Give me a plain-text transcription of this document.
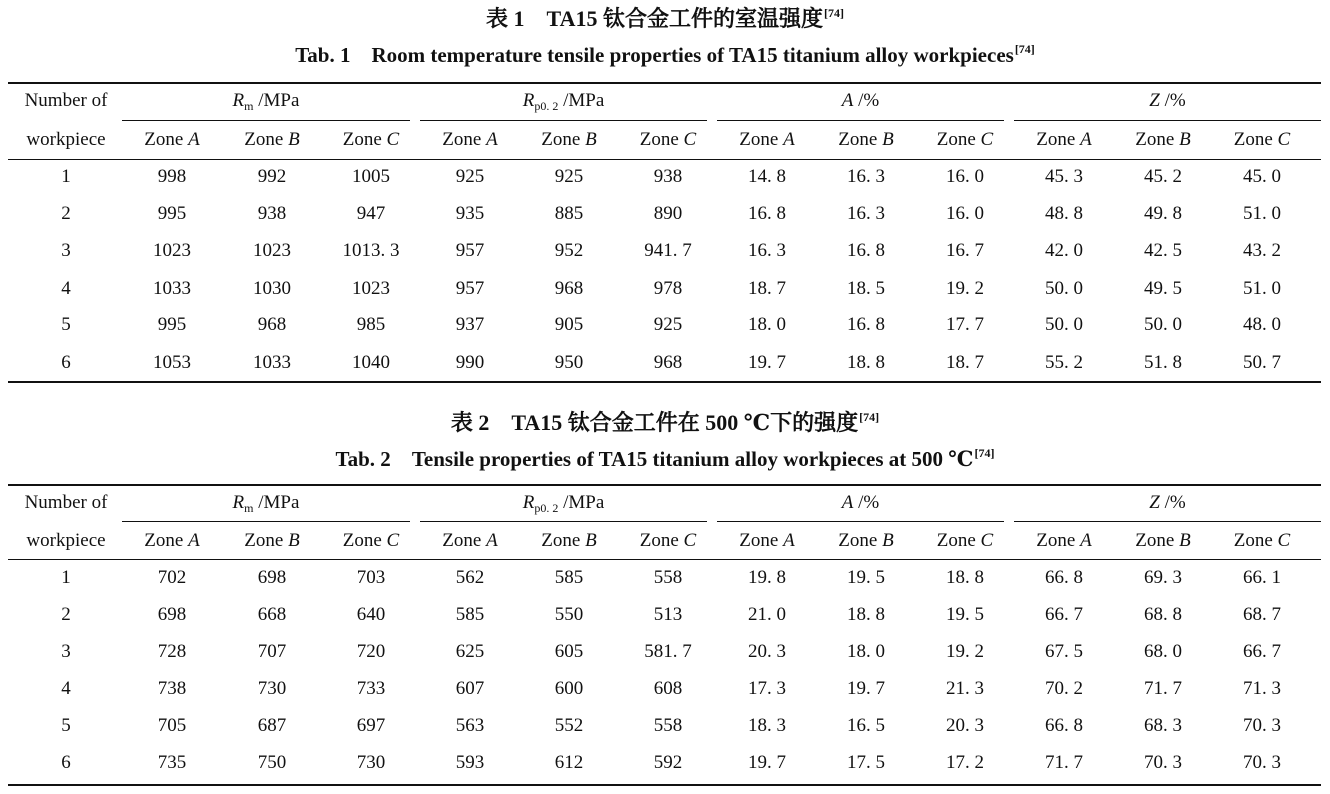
表 1  TA15 钛合金工件的室温强度[74]
Tab. 1  Room temperature tensile properties of TA15 titanium alloy workpieces[74]
Number of
workpiece
$R_m$ /MPa	$R_{p0. 2}$ /MPa	A /%	Z /%
Zone A Zone B Zone C Zone A Zone B Zone C Zone A Zone B Zone C Zone A Zone B Zone C
1	998	992	1005	925	925	938	14. 8	16. 3	16. 0	45. 3	45. 2	45. 0
2	995	938	947	935	885	890	16. 8	16. 3	16. 0	48. 8	49. 8	51. 0
3	1023	1023	1013. 3	957	952	941. 7	16. 3	16. 8	16. 7	42. 0	42. 5	43. 2
4	1033	1030	1023	957	968	978	18. 7	18. 5	19. 2	50. 0	49. 5	51. 0
5	995	968	985	937	905	925	18. 0	16. 8	17. 7	50. 0	50. 0	48. 0
6	1053	1033	1040	990	950	968	19. 7	18. 8	18. 7	55. 2	51. 8	50. 7
表 2  TA15 钛合金工件在 500 ℃下的强度[74]
Tab. 2  Tensile properties of TA15 titanium alloy workpieces at 500 ℃[74]
Number of
workpiece
$R_m$ /MPa	$R_{p0. 2}$ /MPa	A /%	Z /%
Zone A Zone B Zone C Zone A Zone B Zone C Zone A Zone B Zone C Zone A Zone B Zone C
1	702	698	703	562	585	558	19. 8	19. 5	18. 8	66. 8	69. 3	66. 1
2	698	668	640	585	550	513	21. 0	18. 8	19. 5	66. 7	68. 8	68. 7
3	728	707	720	625	605	581. 7	20. 3	18. 0	19. 2	67. 5	68. 0	66. 7
4	738	730	733	607	600	608	17. 3	19. 7	21. 3	70. 2	71. 7	71. 3
5	705	687	697	563	552	558	18. 3	16. 5	20. 3	66. 8	68. 3	70. 3
6	735	750	730	593	612	592	19. 7	17. 5	17. 2	71. 7	70. 3	70. 3
